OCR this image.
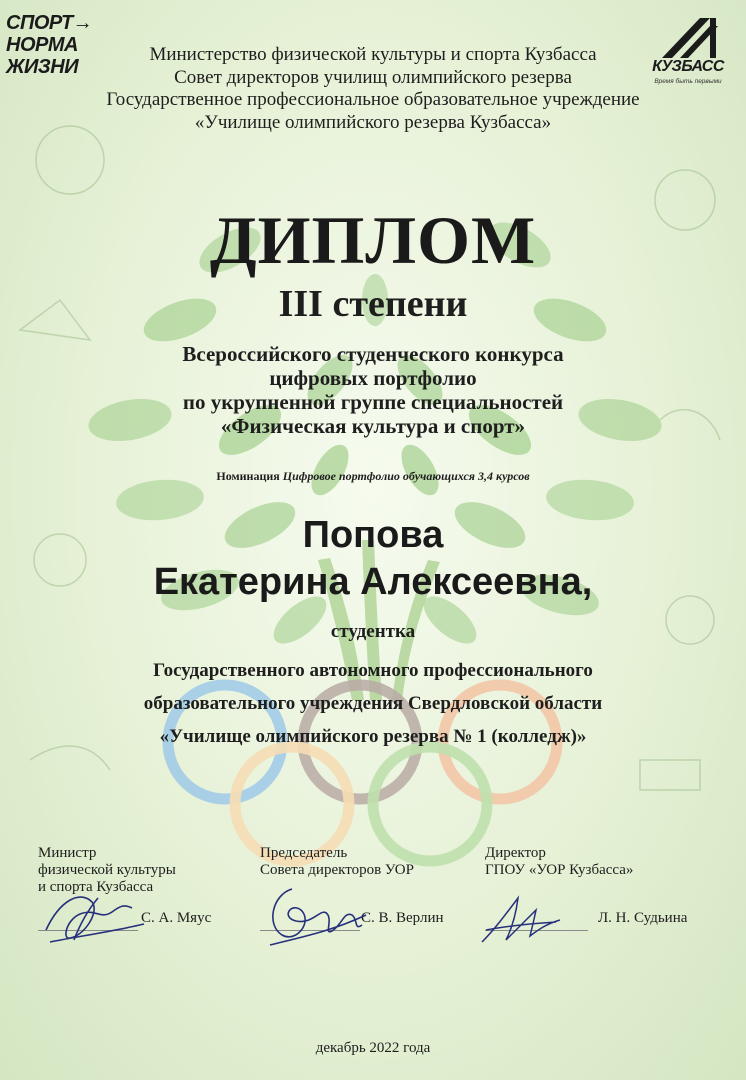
СПОРТ→
НОРМА
ЖИЗНИ	КУЗБАСС
Время быть первыми
Министерство физической культуры и спорта Кузбасса
Совет директоров училищ олимпийского резерва
Государственное профессиональное образовательное учреждение
«Училище олимпийского резерва Кузбасса»
ДИПЛОМ
III степени
Всероссийского студенческого конкурса
цифровых портфолио
по укрупненной группе специальностей
«Физическая культура и спорт»
Номинация Цифровое портфолио обучающихся 3,4 курсов
Попова
Екатерина Алексеевна,
студентка
Государственного автономного профессионального
образовательного учреждения Свердловской области
«Училище олимпийского резерва № 1 (колледж)»
Министр
физической культуры
и спорта Кузбасса
С. А. Мяус
Председатель
Совета директоров УОР
С. В. Верлин
Директор
ГПОУ «УОР Кузбасса»
Л. Н. Судьина
декабрь 2022 года
